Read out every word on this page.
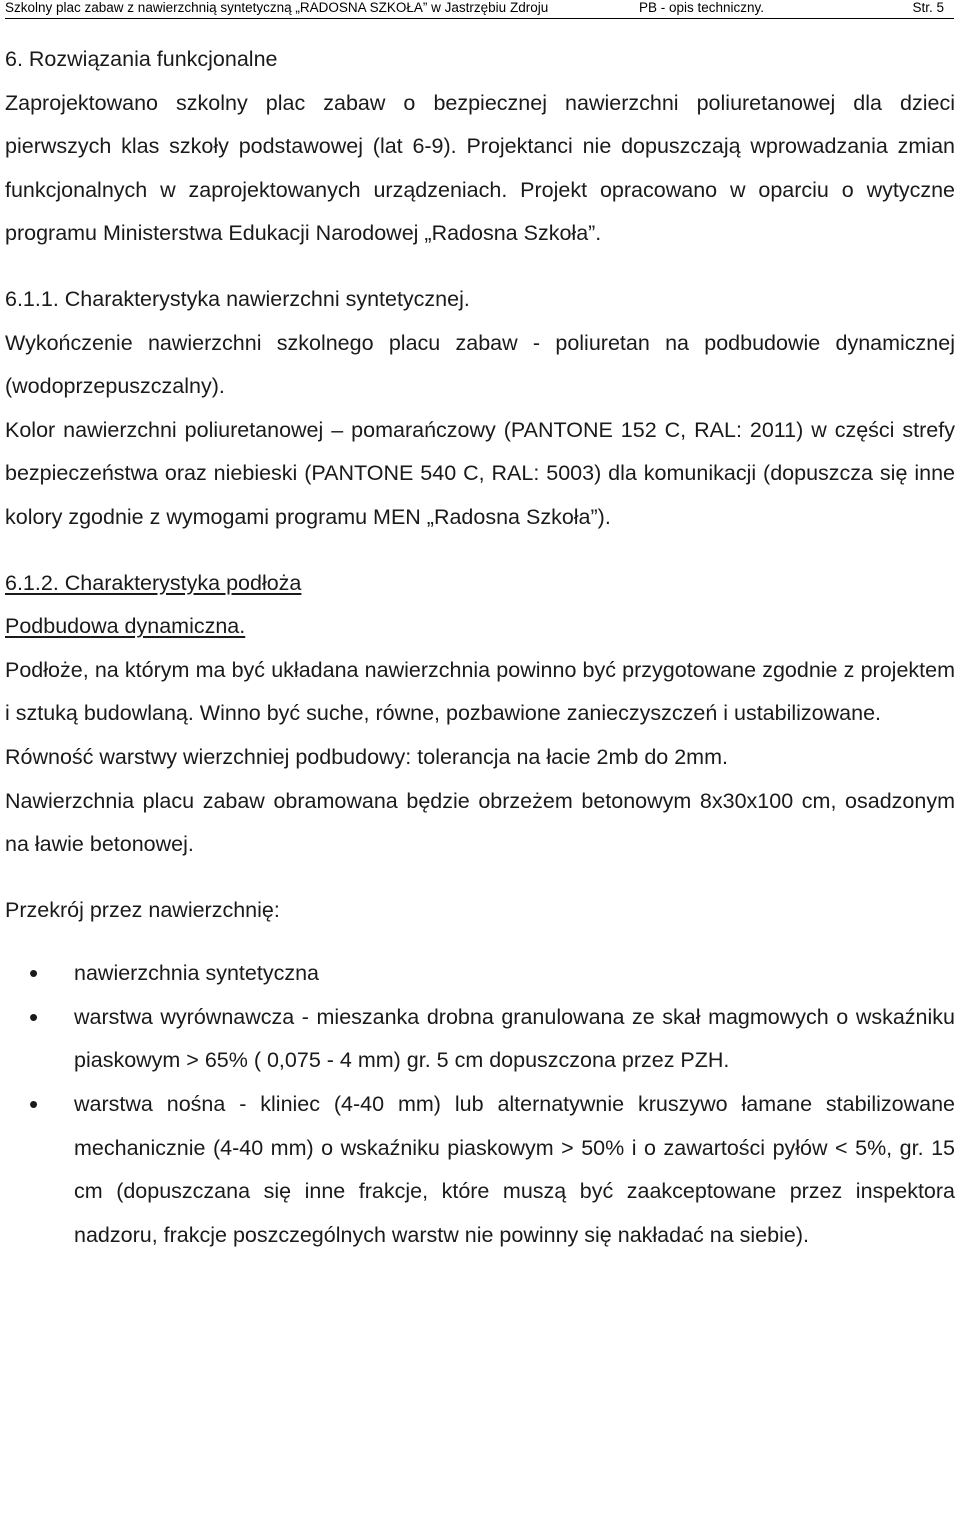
Szkolny plac zabaw z nawierzchnią syntetyczną „RADOSNA SZKOŁA” w Jastrzębiu Zdroju	PB - opis techniczny.	Str. 5
6. Rozwiązania funkcjonalne

Zaprojektowano szkolny plac zabaw o bezpiecznej nawierzchni poliuretanowej dla dzieci pierwszych klas szkoły podstawowej (lat 6-9). Projektanci nie dopuszczają wprowadzania zmian funkcjonalnych w zaprojektowanych urządzeniach. Projekt opracowano w oparciu o wytyczne programu Ministerstwa Edukacji Narodowej „Radosna Szkoła”.

6.1.1. Charakterystyka nawierzchni syntetycznej.

Wykończenie nawierzchni szkolnego placu zabaw - poliuretan na podbudowie dynamicznej (wodoprzepuszczalny).

Kolor nawierzchni poliuretanowej – pomarańczowy (PANTONE 152 C, RAL: 2011) w części strefy bezpieczeństwa oraz niebieski (PANTONE 540 C, RAL: 5003) dla komunikacji (dopuszcza się inne kolory zgodnie z wymogami programu MEN „Radosna Szkoła”).

6.1.2. Charakterystyka podłoża
Podbudowa dynamiczna.

Podłoże, na którym ma być układana nawierzchnia powinno być przygotowane zgodnie z projektem i sztuką budowlaną. Winno być suche, równe, pozbawione zanieczyszczeń i ustabilizowane.

Równość warstwy wierzchniej podbudowy: tolerancja na łacie 2mb do 2mm.

Nawierzchnia placu zabaw obramowana będzie obrzeżem betonowym 8x30x100 cm, osadzonym na ławie betonowej.

Przekrój przez nawierzchnię:

• nawierzchnia syntetyczna
• warstwa wyrównawcza - mieszanka drobna granulowana ze skał magmowych o wskaźniku piaskowym > 65% ( 0,075 - 4 mm) gr. 5 cm dopuszczona przez PZH.
• warstwa nośna - kliniec (4-40 mm) lub alternatywnie kruszywo łamane stabilizowane mechanicznie (4-40 mm) o wskaźniku piaskowym > 50% i o zawartości pyłów < 5%, gr. 15 cm (dopuszczana się inne frakcje, które muszą być zaakceptowane przez inspektora nadzoru, frakcje poszczególnych warstw nie powinny się nakładać na siebie).
